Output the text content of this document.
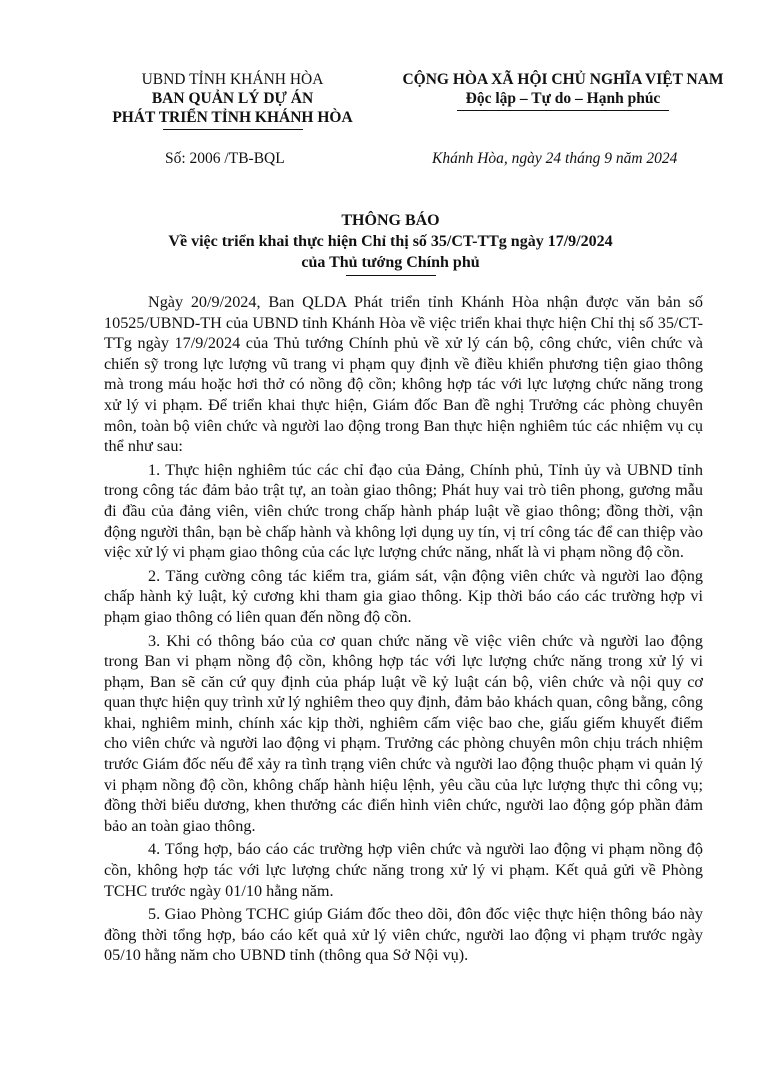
UBND TỈNH KHÁNH HÒA
BAN QUẢN LÝ DỰ ÁN
PHÁT TRIỂN TỈNH KHÁNH HÒA
CỘNG HÒA XÃ HỘI CHỦ NGHĨA VIỆT NAM
Độc lập – Tự do – Hạnh phúc
Số: 2006 /TB-BQL	Khánh Hòa, ngày 24 tháng 9 năm 2024
THÔNG BÁO
Về việc triển khai thực hiện Chỉ thị số 35/CT-TTg ngày 17/9/2024
của Thủ tướng Chính phủ

Ngày 20/9/2024, Ban QLDA Phát triển tỉnh Khánh Hòa nhận được văn bản số 10525/UBND-TH của UBND tỉnh Khánh Hòa về việc triển khai thực hiện Chỉ thị số 35/CT-TTg ngày 17/9/2024 của Thủ tướng Chính phủ về xử lý cán bộ, công chức, viên chức và chiến sỹ trong lực lượng vũ trang vi phạm quy định về điều khiển phương tiện giao thông mà trong máu hoặc hơi thở có nồng độ cồn; không hợp tác với lực lượng chức năng trong xử lý vi phạm. Để triển khai thực hiện, Giám đốc Ban đề nghị Trưởng các phòng chuyên môn, toàn bộ viên chức và người lao động trong Ban thực hiện nghiêm túc các nhiệm vụ cụ thể như sau:

1. Thực hiện nghiêm túc các chỉ đạo của Đảng, Chính phủ, Tỉnh ủy và UBND tỉnh trong công tác đảm bảo trật tự, an toàn giao thông; Phát huy vai trò tiên phong, gương mẫu đi đầu của đảng viên, viên chức trong chấp hành pháp luật về giao thông; đồng thời, vận động người thân, bạn bè chấp hành và không lợi dụng uy tín, vị trí công tác để can thiệp vào việc xử lý vi phạm giao thông của các lực lượng chức năng, nhất là vi phạm nồng độ cồn.

2. Tăng cường công tác kiểm tra, giám sát, vận động viên chức và người lao động chấp hành kỷ luật, kỷ cương khi tham gia giao thông. Kịp thời báo cáo các trường hợp vi phạm giao thông có liên quan đến nồng độ cồn.

3. Khi có thông báo của cơ quan chức năng về việc viên chức và người lao động trong Ban vi phạm nồng độ cồn, không hợp tác với lực lượng chức năng trong xử lý vi phạm, Ban sẽ căn cứ quy định của pháp luật về kỷ luật cán bộ, viên chức và nội quy cơ quan thực hiện quy trình xử lý nghiêm theo quy định, đảm bảo khách quan, công bằng, công khai, nghiêm minh, chính xác kịp thời, nghiêm cấm việc bao che, giấu giếm khuyết điểm cho viên chức và người lao động vi phạm. Trưởng các phòng chuyên môn chịu trách nhiệm trước Giám đốc nếu để xảy ra tình trạng viên chức và người lao động thuộc phạm vi quản lý vi phạm nồng độ cồn, không chấp hành hiệu lệnh, yêu cầu của lực lượng thực thi công vụ; đồng thời biểu dương, khen thưởng các điển hình viên chức, người lao động góp phần đảm bảo an toàn giao thông.

4. Tổng hợp, báo cáo các trường hợp viên chức và người lao động vi phạm nồng độ cồn, không hợp tác với lực lượng chức năng trong xử lý vi phạm. Kết quả gửi về Phòng TCHC trước ngày 01/10 hằng năm.

5. Giao Phòng TCHC giúp Giám đốc theo dõi, đôn đốc việc thực hiện thông báo này đồng thời tổng hợp, báo cáo kết quả xử lý viên chức, người lao động vi phạm trước ngày 05/10 hằng năm cho UBND tỉnh (thông qua Sở Nội vụ).
